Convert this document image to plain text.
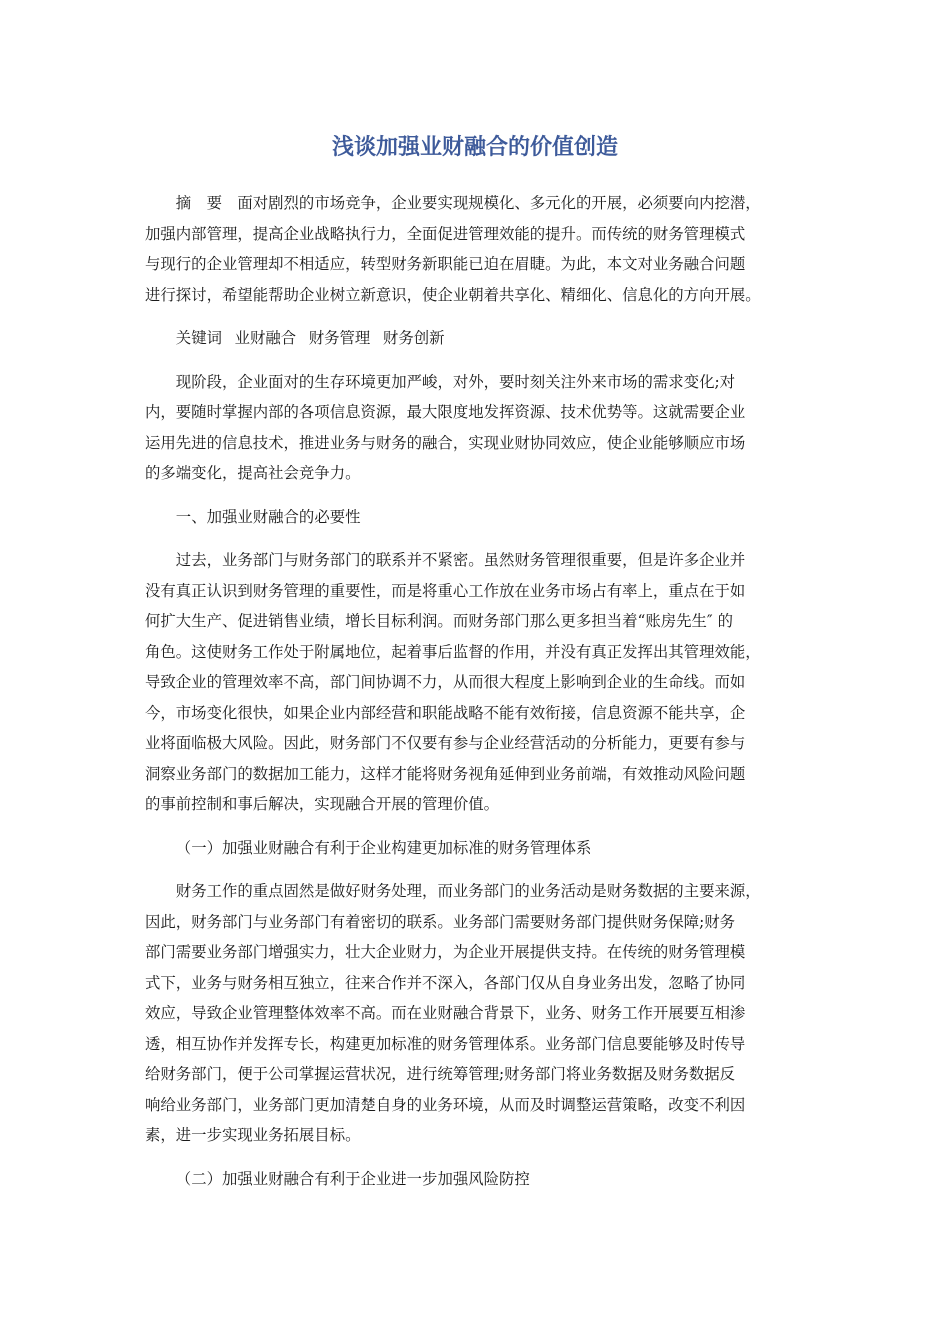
浅谈加强业财融合的价值创造
摘　要　面对剧烈的市场竞争，企业要实现规模化、多元化的开展，必须要向内挖潜，
加强内部管理，提高企业战略执行力，全面促进管理效能的提升。而传统的财务管理模式
与现行的企业管理却不相适应，转型财务新职能已迫在眉睫。为此，本文对业务融合问题
进行探讨，希望能帮助企业树立新意识，使企业朝着共享化、精细化、信息化的方向开展。
关键词 业财融合 财务管理 财务创新
现阶段，企业面对的生存环境更加严峻，对外，要时刻关注外来市场的需求变化;对
内，要随时掌握内部的各项信息资源，最大限度地发挥资源、技术优势等。这就需要企业
运用先进的信息技术，推进业务与财务的融合，实现业财协同效应，使企业能够顺应市场
的多端变化，提高社会竞争力。
一、加强业财融合的必要性
过去，业务部门与财务部门的联系并不紧密。虽然财务管理很重要，但是许多企业并
没有真正认识到财务管理的重要性，而是将重心工作放在业务市场占有率上，重点在于如
何扩大生产、促进销售业绩，增长目标利润。而财务部门那么更多担当着“账房先生″ 的
角色。这使财务工作处于附属地位，起着事后监督的作用，并没有真正发挥出其管理效能，
导致企业的管理效率不高，部门间协调不力，从而很大程度上影响到企业的生命线。而如
今，市场变化很快，如果企业内部经营和职能战略不能有效衔接，信息资源不能共享，企
业将面临极大风险。因此，财务部门不仅要有参与企业经营活动的分析能力，更要有参与
洞察业务部门的数据加工能力，这样才能将财务视角延伸到业务前端，有效推动风险问题
的事前控制和事后解决，实现融合开展的管理价值。
（一）加强业财融合有利于企业构建更加标准的财务管理体系
财务工作的重点固然是做好财务处理，而业务部门的业务活动是财务数据的主要来源，
因此，财务部门与业务部门有着密切的联系。业务部门需要财务部门提供财务保障;财务
部门需要业务部门增强实力，壮大企业财力，为企业开展提供支持。在传统的财务管理模
式下，业务与财务相互独立，往来合作并不深入，各部门仅从自身业务出发，忽略了协同
效应，导致企业管理整体效率不高。而在业财融合背景下，业务、财务工作开展要互相渗
透，相互协作并发挥专长，构建更加标准的财务管理体系。业务部门信息要能够及时传导
给财务部门，便于公司掌握运营状况，进行统筹管理;财务部门将业务数据及财务数据反
响给业务部门，业务部门更加清楚自身的业务环境，从而及时调整运营策略，改变不利因
素，进一步实现业务拓展目标。
（二）加强业财融合有利于企业进一步加强风险防控
